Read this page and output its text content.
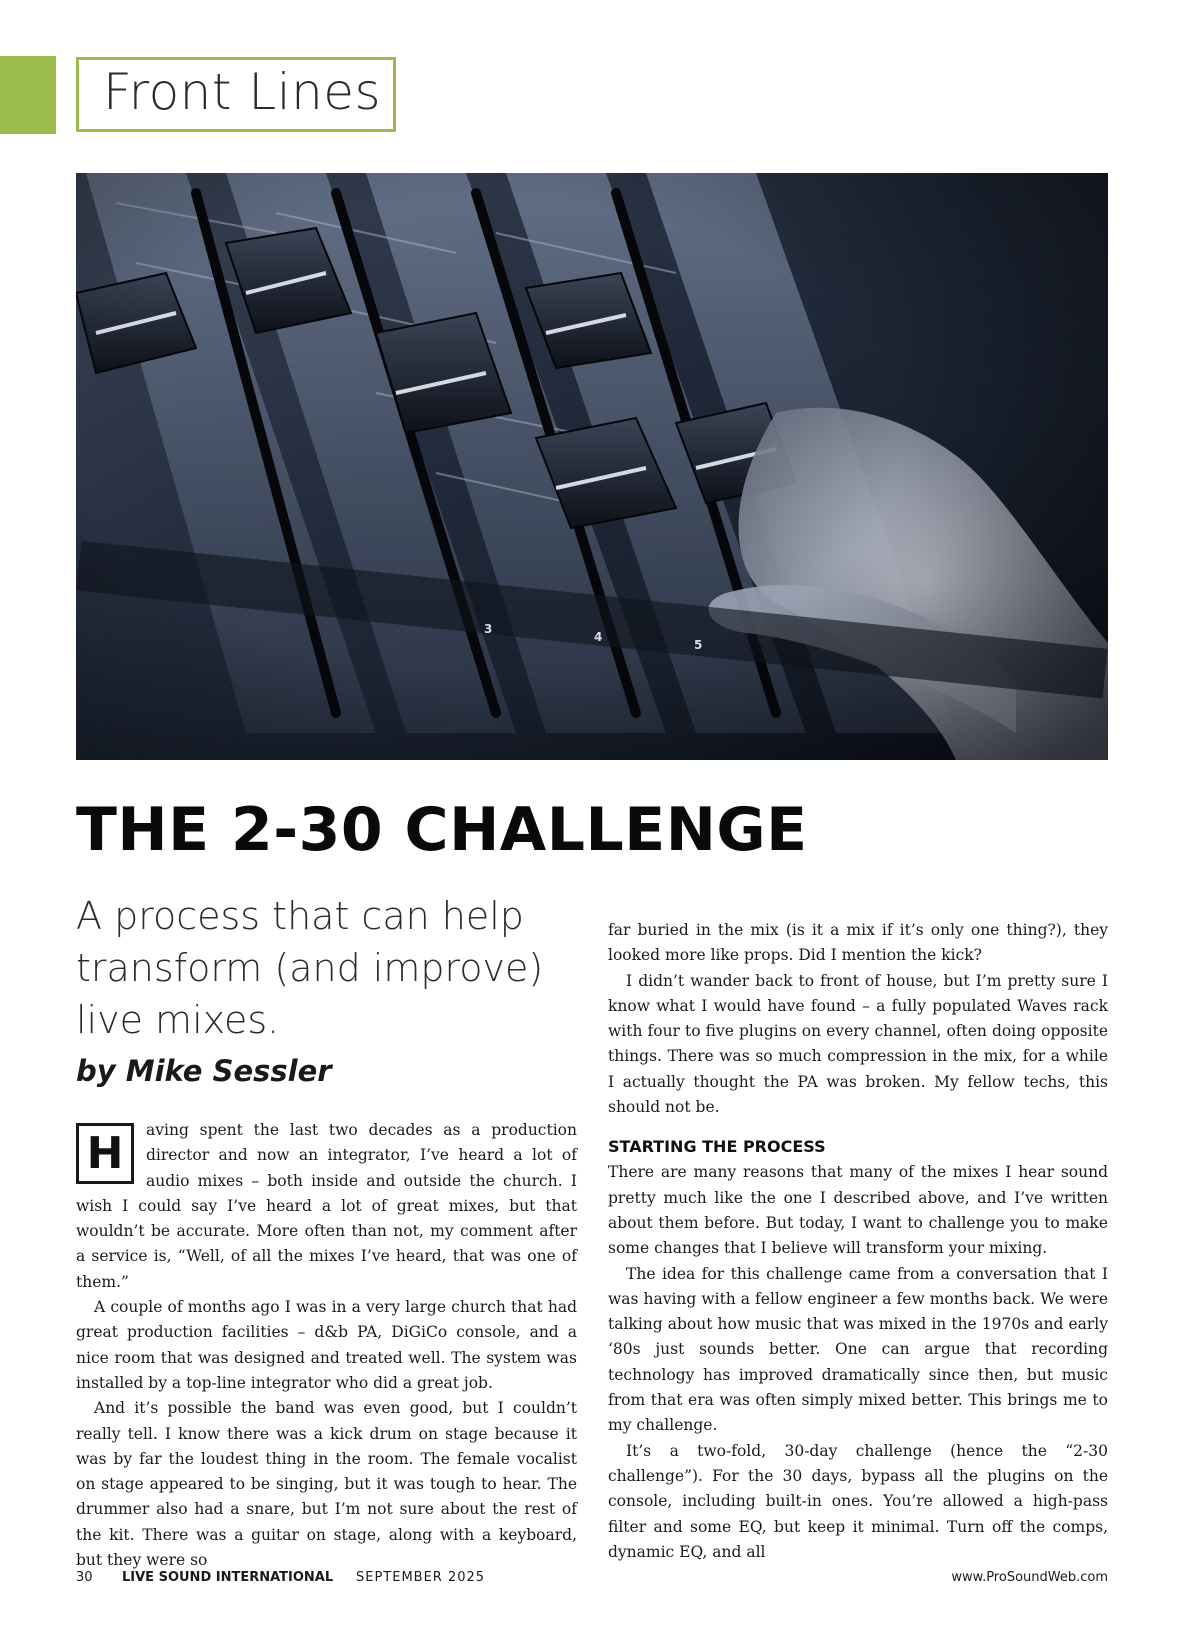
Front Lines
THE 2-30 CHALLENGE

A process that can help transform (and improve) live mixes.

by Mike Sessler

H	aving spent the last two decades as a production director and now an integrator, I’ve heard a lot of audio mixes – both inside and outside the church. I wish I could say I’ve heard a lot of great mixes, but that wouldn’t be accurate. More often than not, my comment after a service is, “Well, of all the mixes I’ve heard, that was one of them.”

A couple of months ago I was in a very large church that had great production facilities – d&b PA, DiGiCo console, and a nice room that was designed and treated well. The system was installed by a top-line integrator who did a great job.

And it’s possible the band was even good, but I couldn’t really tell. I know there was a kick drum on stage because it was by far the loudest thing in the room. The female vocalist on stage appeared to be singing, but it was tough to hear. The drummer also had a snare, but I’m not sure about the rest of the kit. There was a guitar on stage, along with a keyboard, but they were so

far buried in the mix (is it a mix if it’s only one thing?), they looked more like props. Did I mention the kick?

I didn’t wander back to front of house, but I’m pretty sure I know what I would have found – a fully populated Waves rack with four to five plugins on every channel, often doing opposite things. There was so much compression in the mix, for a while I actually thought the PA was broken. My fellow techs, this should not be.

STARTING THE PROCESS

There are many reasons that many of the mixes I hear sound pretty much like the one I described above, and I’ve written about them before. But today, I want to challenge you to make some changes that I believe will transform your mixing.

The idea for this challenge came from a conversation that I was having with a fellow engineer a few months back. We were talking about how music that was mixed in the 1970s and early ‘80s just sounds better. One can argue that recording technology has improved dramatically since then, but music from that era was often simply mixed better. This brings me to my challenge.

It’s a two-fold, 30-day challenge (hence the “2-30 challenge”). For the 30 days, bypass all the plugins on the console, including built-in ones. You’re allowed a high-pass filter and some EQ, but keep it minimal. Turn off the comps, dynamic EQ, and all

30 LIVE SOUND INTERNATIONAL SEPTEMBER 2025	www.ProSoundWeb.com
